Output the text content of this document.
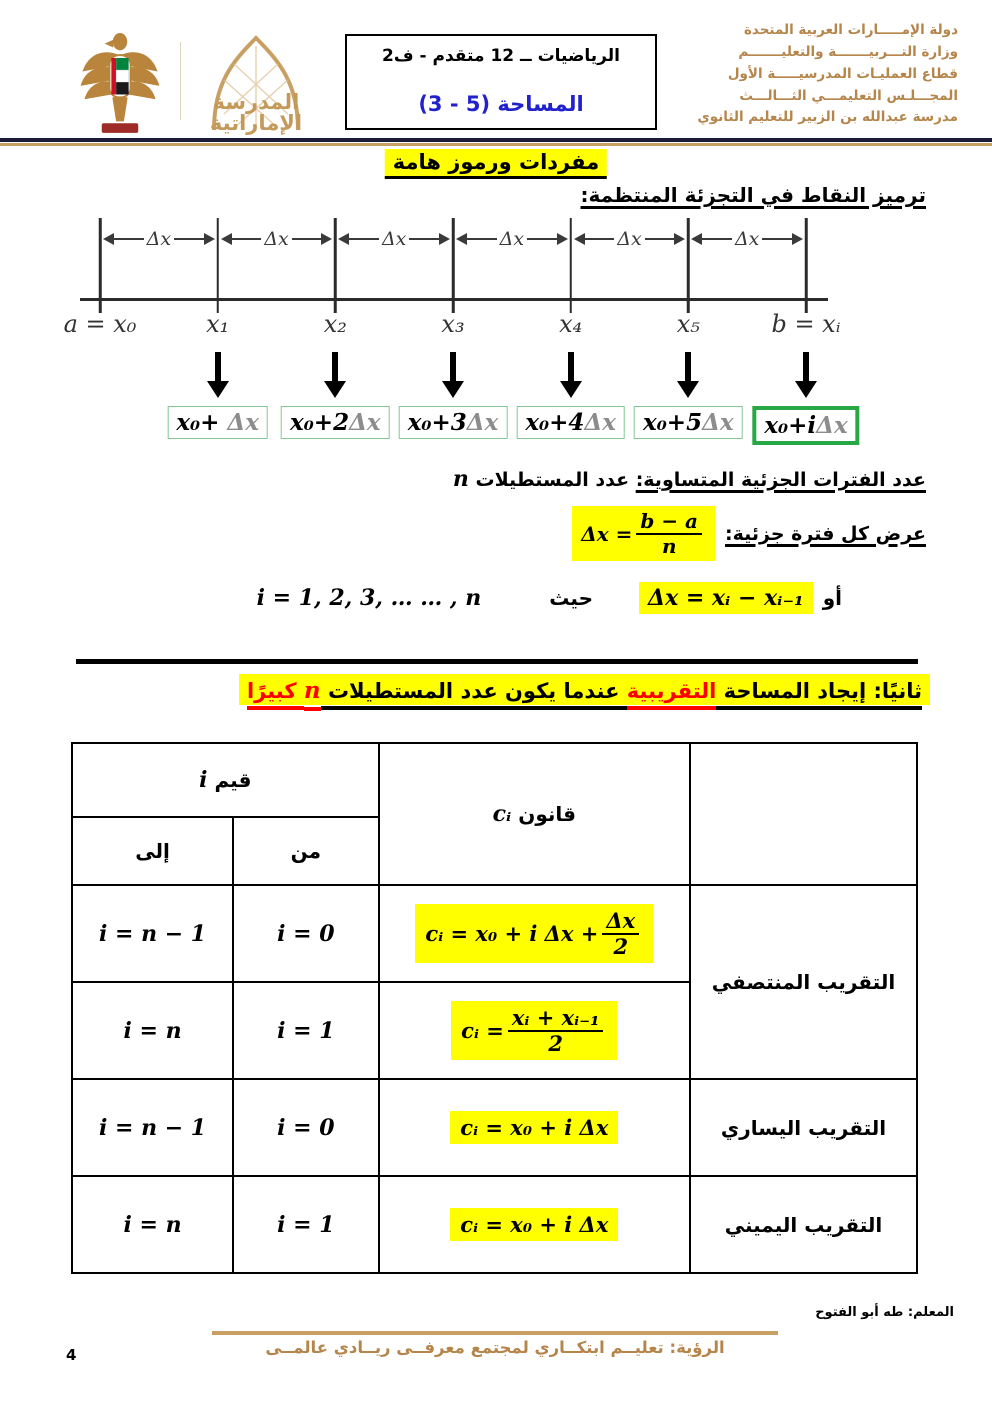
المدرسة
الإماراتية
الرياضيات ــ 12 متقدم - ف2
المساحة (3 - 5)
دولة الإمـــــارات العربية المتحدة
وزارة التـــربيـــــــة والتعليـــــــم
قطاع العمليـات المدرسيـــــة الأول
المجـــلـس التعليمـــي الثـــالـــث
مدرسة عبدالله بن الزبير للتعليم الثانوي
مفردات ورموز هامة
ترميز النقاط في التجزئة المنتظمة:
Δx	Δx	Δx	Δx	Δx	Δx
a = x₀	x₁	x₂	x₃	x₄	x₅	b = xᵢ
x₀+ Δx	x₀+2Δx	x₀+3Δx	x₀+4Δx	x₀+5Δx	x₀+iΔx
عدد الفترات الجزئية المتساوية: عدد المستطيلات n
عرض كل فترة جزئية:
$\Delta x = \frac{b - a}{n}$
أو
Δx = xᵢ − xᵢ₋₁
حيث
i = 1, 2, 3, … … , n
ثانيًا: إيجاد المساحة التقريبية عندما يكون عدد المستطيلات n كبيرًا
	قانون cᵢ	قيم i	
		من	إلى
التقريب المنتصفي	cᵢ = x₀ + i $\Delta x + \frac{\Delta x}{2}$	i = 0	i = n − 1

	cᵢ = $\frac{\text{xᵢ + xᵢ₋₁}}{2}$	i = 1	i = n
التقريب اليساري	cᵢ = x₀ + i Δx	i = 0	i = n − 1
التقريب اليميني	cᵢ = x₀ + i Δx	i = 1	i = n
المعلم: طه أبو الفتوح
الرؤية: تعليــم ابتكــاري لمجتمع معرفــى ريــادي عالمــى
4
